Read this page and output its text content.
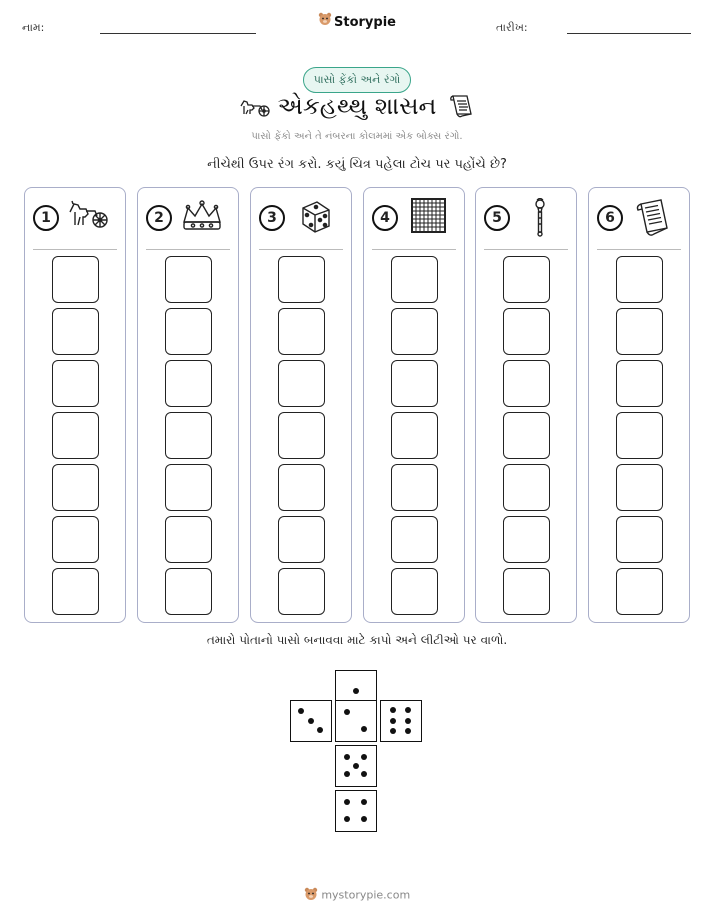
નામ:	Storypie	તારીખ:
પાસો ફેંકો અને રંગો
એકહથ્થુ શાસન
પાસો ફેંકો અને તે નંબરના કોલમમાં એક બોક્સ રંગો.
નીચેથી ઉપર રંગ કરો. કયું ચિત્ર પહેલા ટોચ પર પહોંચે છે?
1	2	3	4	5	6
તમારો પોતાનો પાસો બનાવવા માટે કાપો અને લીટીઓ પર વાળો.
mystorypie.com
